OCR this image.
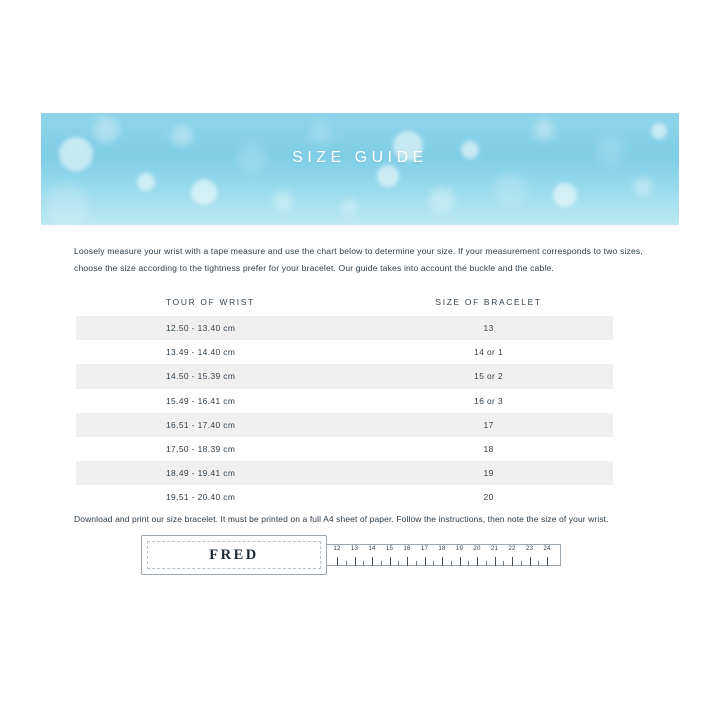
SIZE GUIDE
Loosely measure your wrist with a tape measure and use the chart below to determine your size. If your measurement corresponds to two sizes, choose the size according to the tightness prefer for your bracelet. Our guide takes into account the buckle and the cable.
TOUR OF WRIST	SIZE OF BRACELET
12.50 - 13.40 cm	13
13.49 - 14.40 cm	14 or 1
14.50 - 15.39 cm	15 or 2
15.49 - 16.41 cm	16 or 3
16.51 - 17.40 cm	17
17.50 - 18.39 cm	18
18.49 - 19.41 cm	19
19.51 - 20.40 cm	20
Download and print our size bracelet. It must be printed on a full A4 sheet of paper. Follow the instructions, then note the size of your wrist.
12 13 14 15 16 17 18 19 20 21 22 23 24
FRED
